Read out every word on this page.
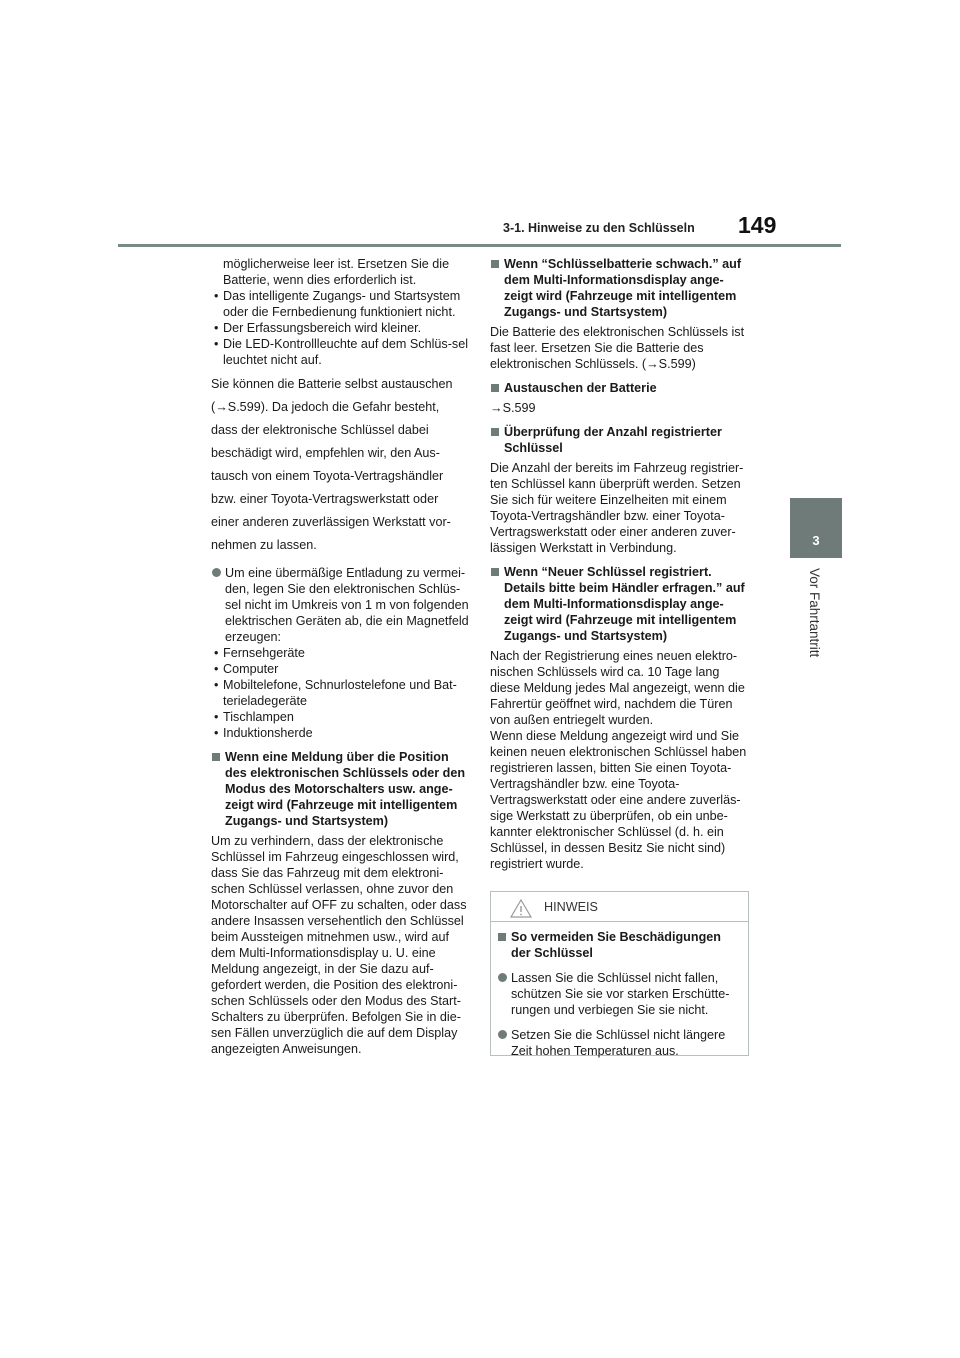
3-1. Hinweise zu den Schlüsseln 149
3
Vor Fahrtantritt

möglicherweise leer ist. Ersetzen Sie die Batterie, wenn dies erforderlich ist.

• Das intelligente Zugangs- und Startsystem oder die Fernbedienung funktioniert nicht.

• Der Erfassungsbereich wird kleiner.

• Die LED-Kontrollleuchte auf dem Schlüs-sel leuchtet nicht auf.

Sie können die Batterie selbst austauschen (→S.599). Da jedoch die Gefahr besteht, dass der elektronische Schlüssel dabei beschädigt wird, empfehlen wir, den Aus-tausch von einem Toyota-Vertragshändler bzw. einer Toyota-Vertragswerkstatt oder einer anderen zuverlässigen Werkstatt vor-nehmen zu lassen.

Um eine übermäßige Entladung zu vermei-den, legen Sie den elektronischen Schlüs-sel nicht im Umkreis von 1 m von folgenden elektrischen Geräten ab, die ein Magnetfeld erzeugen:

• Fernsehgeräte

• Computer

• Mobiltelefone, Schnurlostelefone und Bat-terieladegeräte

• Tischlampen

• Induktionsherde

Wenn eine Meldung über die Position des elektronischen Schlüssels oder den Modus des Motorschalters usw. ange-zeigt wird (Fahrzeuge mit intelligentem Zugangs- und Startsystem)

Um zu verhindern, dass der elektronische Schlüssel im Fahrzeug eingeschlossen wird, dass Sie das Fahrzeug mit dem elektroni-schen Schlüssel verlassen, ohne zuvor den Motorschalter auf OFF zu schalten, oder dass andere Insassen versehentlich den Schlüssel beim Aussteigen mitnehmen usw., wird auf dem Multi-Informationsdisplay u. U. eine Meldung angezeigt, in der Sie dazu auf-gefordert werden, die Position des elektroni-schen Schlüssels oder den Modus des Start-Schalters zu überprüfen. Befolgen Sie in die-sen Fällen unverzüglich die auf dem Display angezeigten Anweisungen.

Wenn “Schlüsselbatterie schwach.” auf dem Multi-Informationsdisplay ange-zeigt wird (Fahrzeuge mit intelligentem Zugangs- und Startsystem)

Die Batterie des elektronischen Schlüssels ist fast leer. Ersetzen Sie die Batterie des elektronischen Schlüssels. (→S.599)

Austauschen der Batterie

→S.599

Überprüfung der Anzahl registrierter Schlüssel

Die Anzahl der bereits im Fahrzeug registrier-ten Schlüssel kann überprüft werden. Setzen Sie sich für weitere Einzelheiten mit einem Toyota-Vertragshändler bzw. einer Toyota-Vertragswerkstatt oder einer anderen zuver-lässigen Werkstatt in Verbindung.

Wenn “Neuer Schlüssel registriert. Details bitte beim Händler erfragen.” auf dem Multi-Informationsdisplay ange-zeigt wird (Fahrzeuge mit intelligentem Zugangs- und Startsystem)

Nach der Registrierung eines neuen elektro-nischen Schlüssels wird ca. 10 Tage lang diese Meldung jedes Mal angezeigt, wenn die Fahrertür geöffnet wird, nachdem die Türen von außen entriegelt wurden.

Wenn diese Meldung angezeigt wird und Sie keinen neuen elektronischen Schlüssel haben registrieren lassen, bitten Sie einen Toyota-Vertragshändler bzw. eine Toyota-Vertragswerkstatt oder eine andere zuverläs-sige Werkstatt zu überprüfen, ob ein unbe-kannter elektronischer Schlüssel (d. h. ein Schlüssel, in dessen Besitz Sie nicht sind) registriert wurde.

HINWEIS

So vermeiden Sie Beschädigungen der Schlüssel

Lassen Sie die Schlüssel nicht fallen, schützen Sie sie vor starken Erschütte-rungen und verbiegen Sie sie nicht.

Setzen Sie die Schlüssel nicht längere Zeit hohen Temperaturen aus.
